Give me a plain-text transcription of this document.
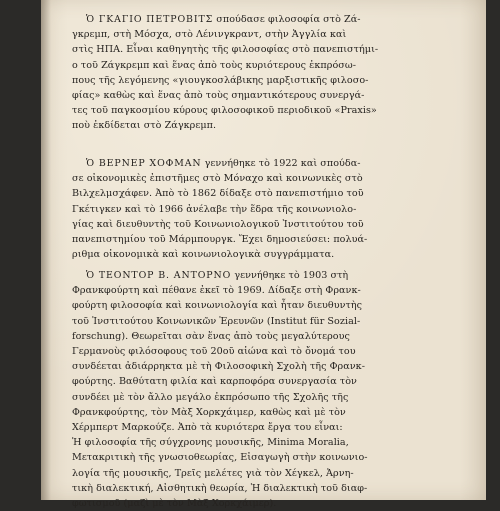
Ὁ ΓΚΑΓΙΟ ΠΕΤΡΟΒΙΤΣ σπούδασε φιλοσοφία στὸ Ζά-
γκρεμπ, στὴ Μόσχα, στὸ Λένινγκραντ, στὴν Ἀγγλία καὶ
στὶς ΗΠΑ. Εἶναι καθηγητὴς τῆς φιλοσοφίας στὸ πανεπιστήμι-
ο τοῦ Ζάγκρεμπ καὶ ἕνας ἀπὸ τοὺς κυριότερους ἐκπρόσω-
πους τῆς λεγόμενης «γιουγκοσλάβικης μαρξιστικῆς φιλοσο-
φίας» καθὼς καὶ ἕνας ἀπὸ τοὺς σημαντικότερους συνεργά-
τες τοῦ παγκοσμίου κύρους φιλοσοφικοῦ περιοδικοῦ «Praxis»
ποὺ ἐκδίδεται στὸ Ζάγκρεμπ.

Ὁ ΒΕΡΝΕΡ ΧΟΦΜΑΝ γεννήθηκε τὸ 1922 καὶ σπούδα-
σε οἰκονομικὲς ἐπιστῆμες στὸ Μόναχο καὶ κοινωνικὲς στὸ
Βιλχελμσχάφεν. Ἀπὸ τὸ 1862 δίδαξε στὸ πανεπιστήμιο τοῦ
Γκέτιγκεν καὶ τὸ 1966 ἀνέλαβε τὴν ἕδρα τῆς κοινωνιολο-
γίας καὶ διευθυντὴς τοῦ Κοινωνιολογικοῦ Ἰνστιτούτου τοῦ
πανεπιστημίου τοῦ Μάρμπουργκ. Ἔχει δημοσιεύσει: πολυά-
ριθμα οἰκονομικὰ καὶ κοινωνιολογικὰ συγγράμματα.

Ὁ ΤΕΟΝΤΟΡ Β. ΑΝΤΟΡΝΟ γεννήθηκε τὸ 1903 στὴ
Φρανκφούρτη καὶ πέθανε ἐκεῖ τὸ 1969. Δίδαξε στὴ Φρανκ-
φούρτη φιλοσοφία καὶ κοινωνιολογία καὶ ἦταν διευθυντὴς
τοῦ Ἰνστιτούτου Κοινωνικῶν Ἐρευνῶν (Institut für Sozial-
forschung). Θεωρεῖται σὰν ἕνας ἀπὸ τοὺς μεγαλύτερους
Γερμανοὺς φιλόσοφους τοῦ 20οῦ αἰώνα καὶ τὸ ὄνομά του
συνδέεται ἀδιάρρηκτα μὲ τὴ Φιλοσοφικὴ Σχολὴ τῆς Φρανκ-
φούρτης. Βαθύτατη φιλία καὶ καρποφόρα συνεργασία τὸν
συνδέει μὲ τὸν ἄλλο μεγάλο ἐκπρόσωπο τῆς Σχολῆς τῆς
Φρανκφούρτης, τὸν Μὰξ Χορκχάιμερ, καθὼς καὶ μὲ τὸν
Χέρμπερτ Μαρκούζε. Ἀπὸ τὰ κυριότερα ἔργα του εἶναι:
Ἡ φιλοσοφία τῆς σύγχρονης μουσικῆς, Minima Moralia,
Μετακριτικὴ τῆς γνωσιοθεωρίας, Εἰσαγωγὴ στὴν κοινωνιο-
λογία τῆς μουσικῆς, Τρεῖς μελέτες γιὰ τὸν Χέγκελ, Ἀρνη-
τικὴ διαλεκτική, Αἰσθητικὴ θεωρία, Ἡ διαλεκτικὴ τοῦ διαφ-
φωτισμοῦ (μαζὶ μὲ τὸν Μὰξ Χορκχάιμερ).
